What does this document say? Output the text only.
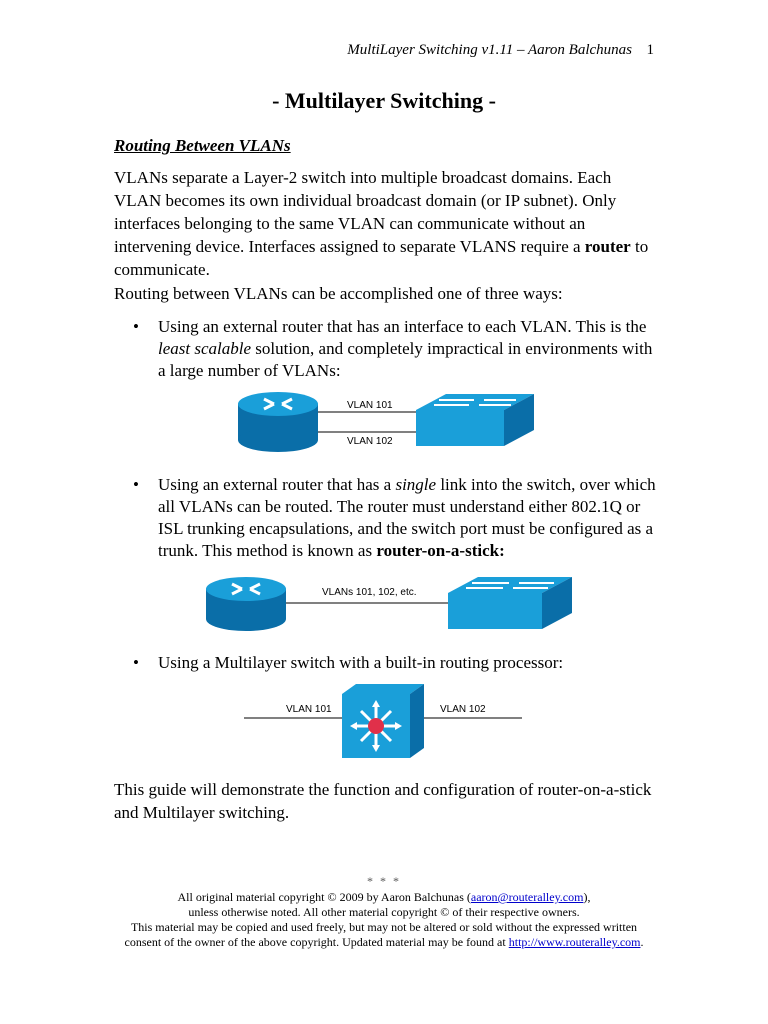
MultiLayer Switching v1.11 – Aaron Balchunas 1
- Multilayer Switching -
Routing Between VLANs
VLANs separate a Layer-2 switch into multiple broadcast domains. Each VLAN becomes its own individual broadcast domain (or IP subnet). Only interfaces belonging to the same VLAN can communicate without an intervening device. Interfaces assigned to separate VLANS require a router to communicate.
Routing between VLANs can be accomplished one of three ways:
• Using an external router that has an interface to each VLAN. This is the least scalable solution, and completely impractical in environments with a large number of VLANs:
VLAN 101
VLAN 102
• Using an external router that has a single link into the switch, over which all VLANs can be routed. The router must understand either 802.1Q or ISL trunking encapsulations, and the switch port must be configured as a trunk. This method is known as router-on-a-stick:
VLANs 101, 102, etc.
• Using a Multilayer switch with a built-in routing processor:
VLAN 101	VLAN 102
This guide will demonstrate the function and configuration of router-on-a-stick and Multilayer switching.
* * *
All original material copyright © 2009 by Aaron Balchunas (aaron@routeralley.com),
unless otherwise noted. All other material copyright © of their respective owners.
This material may be copied and used freely, but may not be altered or sold without the expressed written
consent of the owner of the above copyright. Updated material may be found at http://www.routeralley.com.
